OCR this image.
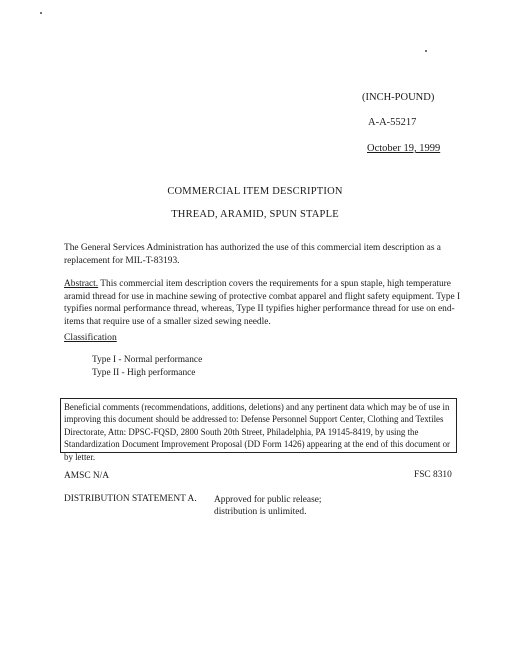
(INCH-POUND)
A-A-55217
October 19, 1999
COMMERCIAL ITEM DESCRIPTION
THREAD, ARAMID, SPUN STAPLE
The General Services Administration has authorized the use of this commercial item description as a replacement for MIL-T-83193.
Abstract. This commercial item description covers the requirements for a spun staple, high temperature aramid thread for use in machine sewing of protective combat apparel and flight safety equipment. Type I typifies normal performance thread, whereas, Type II typifies higher performance thread for use on end-items that require use of a smaller sized sewing needle.
Classification
Type I - Normal performance
Type II - High performance
Beneficial comments (recommendations, additions, deletions) and any pertinent data which may be of use in improving this document should be addressed to: Defense Personnel Support Center, Clothing and Textiles Directorate, Attn: DPSC-FQSD, 2800 South 20th Street, Philadelphia, PA 19145-8419, by using the Standardization Document Improvement Proposal (DD Form 1426) appearing at the end of this document or by letter.
AMSC N/A	FSC 8310
DISTRIBUTION STATEMENT A. Approved for public release;
distribution is unlimited.
